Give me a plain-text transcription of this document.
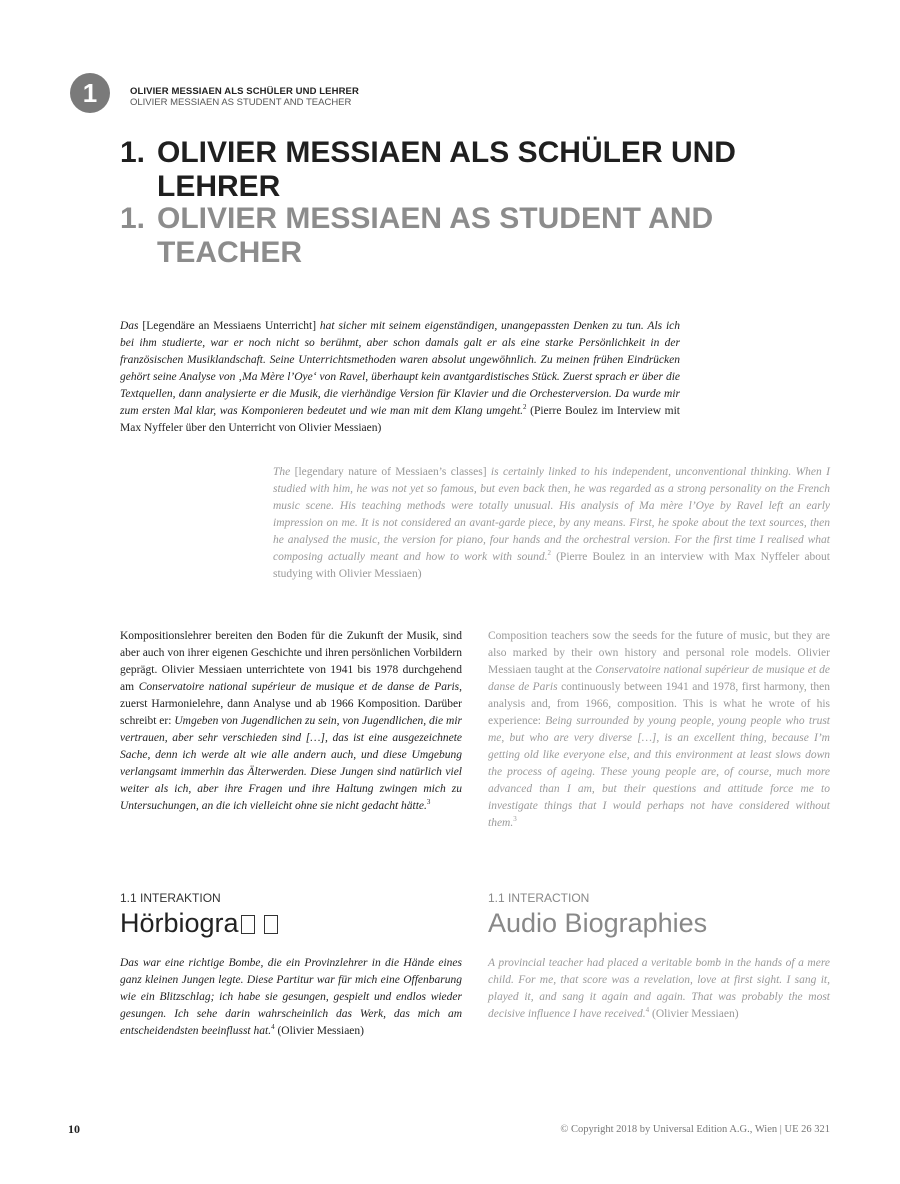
1	OLIVIER MESSIAEN ALS SCHÜLER UND LEHRER
OLIVIER MESSIAEN AS STUDENT AND TEACHER
1. OLIVIER MESSIAEN ALS SCHÜLER UND
LEHRER
1. OLIVIER MESSIAEN AS STUDENT AND
TEACHER
Das [Legendäre an Messiaens Unterricht] hat sicher mit seinem eigenständigen, unangepassten Denken zu tun. Als ich bei ihm studierte, war er noch nicht so berühmt, aber schon damals galt er als eine starke Persönlichkeit in der französischen Musiklandschaft. Seine Unterrichtsmethoden waren absolut ungewöhnlich. Zu meinen frühen Eindrücken gehört seine Analyse von ‚Ma Mère l’Oye‘ von Ravel, überhaupt kein avantgardistisches Stück. Zuerst sprach er über die Textquellen, dann analysierte er die Musik, die vierhändige Version für Klavier und die Orchesterversion. Da wurde mir zum ersten Mal klar, was Komponieren bedeutet und wie man mit dem Klang umgeht.$^2$ (Pierre Boulez im Interview mit Max Nyffeler über den Unterricht von Olivier Messiaen)
The [legendary nature of Messiaen’s classes] is certainly linked to his independent, unconventional thinking. When I studied with him, he was not yet so famous, but even back then, he was regarded as a strong personality on the French music scene. His teaching methods were totally unusual. His analysis of Ma mère l’Oye by Ravel left an early impression on me. It is not considered an avant-garde piece, by any means. First, he spoke about the text sources, then he analysed the music, the version for piano, four hands and the orchestral version. For the first time I realised what composing actually meant and how to work with sound.$^2$ (Pierre Boulez in an interview with Max Nyffeler about studying with Olivier Messiaen)
Kompositionslehrer bereiten den Boden für die Zukunft der Musik, sind aber auch von ihrer eigenen Geschichte und ihren persönlichen Vorbildern geprägt. Olivier Messiaen unterrichtete von 1941 bis 1978 durchgehend am Conservatoire national supérieur de musique et de danse de Paris, zuerst Harmonielehre, dann Analyse und ab 1966 Komposition. Darüber schreibt er: Umgeben von Jugendlichen zu sein, von Jugendlichen, die mir vertrauen, aber sehr verschieden sind […], das ist eine ausgezeichnete Sache, denn ich werde alt wie alle andern auch, und diese Umgebung verlangsamt immerhin das Älterwerden. Diese Jungen sind natürlich viel weiter als ich, aber ihre Fragen und ihre Haltung zwingen mich zu Untersuchungen, an die ich vielleicht ohne sie nicht gedacht hätte.$^3$
Composition teachers sow the seeds for the future of music, but they are also marked by their own history and personal role models. Olivier Messiaen taught at the Conservatoire national supérieur de musique et de danse de Paris continuously between 1941 and 1978, first harmony, then analysis and, from 1966, composition. This is what he wrote of his experience: Being surrounded by young people, young people who trust me, but who are very diverse […], is an excellent thing, because I’m getting old like everyone else, and this environment at least slows down the process of ageing. These young people are, of course, much more advanced than I am, but their questions and attitude force me to investigate things that I would perhaps not have considered without them.$^3$
1.1 INTERAKTION	1.1 INTERACTION
Hörbiogra	Audio Biographies
Das war eine richtige Bombe, die ein Provinzlehrer in die Hände eines ganz kleinen Jungen legte. Diese Partitur war für mich eine Offenbarung wie ein Blitzschlag; ich habe sie gesungen, gespielt und endlos wieder gesungen. Ich sehe darin wahrscheinlich das Werk, das mich am entscheidendsten beeinflusst hat.$^4$ (Olivier Messiaen)
A provincial teacher had placed a veritable bomb in the hands of a mere child. For me, that score was a revelation, love at first sight. I sang it, played it, and sang it again and again. That was probably the most decisive influence I have received.$^4$ (Olivier Messiaen)
10	© Copyright 2018 by Universal Edition A.G., Wien | UE 26 321
